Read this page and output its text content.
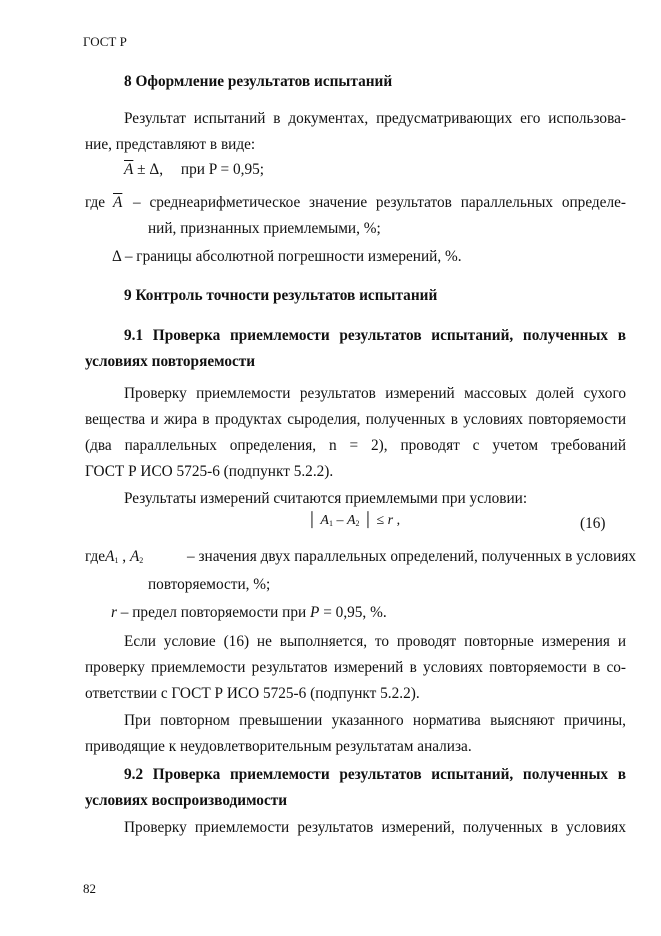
ГОСТ Р
8 Оформление результатов испытаний
Результат испытаний в документах, предусматривающих его использова-
ние, представляют в виде:
$\overline{A} \pm \Delta$, при P = 0,95;
где $\overline{A}$ – среднеарифметическое значение результатов параллельных определе-
ний, признанных приемлемыми, %;
Δ – границы абсолютной погрешности измерений, %.
9 Контроль точности результатов испытаний
9.1 Проверка приемлемости результатов испытаний, полученных в
условиях повторяемости
Проверку приемлемости результатов измерений массовых долей сухого
вещества и жира в продуктах сыроделия, полученных в условиях повторяемости
(два параллельных определения, n = 2), проводят с учетом требований
ГОСТ Р ИСО 5725-6 (подпункт 5.2.2).
Результаты измерений считаются приемлемыми при условии:
│ $A_1 - A_2$ │ ≤ r ,	(16)
гдеA$_1$ , $A_2$	– значения двух параллельных определений, полученных в условиях
повторяемости, %;
r – предел повторяемости при P = 0,95, %.
Если условие (16) не выполняется, то проводят повторные измерения и
проверку приемлемости результатов измерений в условиях повторяемости в со-
ответствии с ГОСТ Р ИСО 5725-6 (подпункт 5.2.2).
При повторном превышении указанного норматива выясняют причины,
приводящие к неудовлетворительным результатам анализа.
9.2 Проверка приемлемости результатов испытаний, полученных в
условиях воспроизводимости
Проверку приемлемости результатов измерений, полученных в условиях
82
